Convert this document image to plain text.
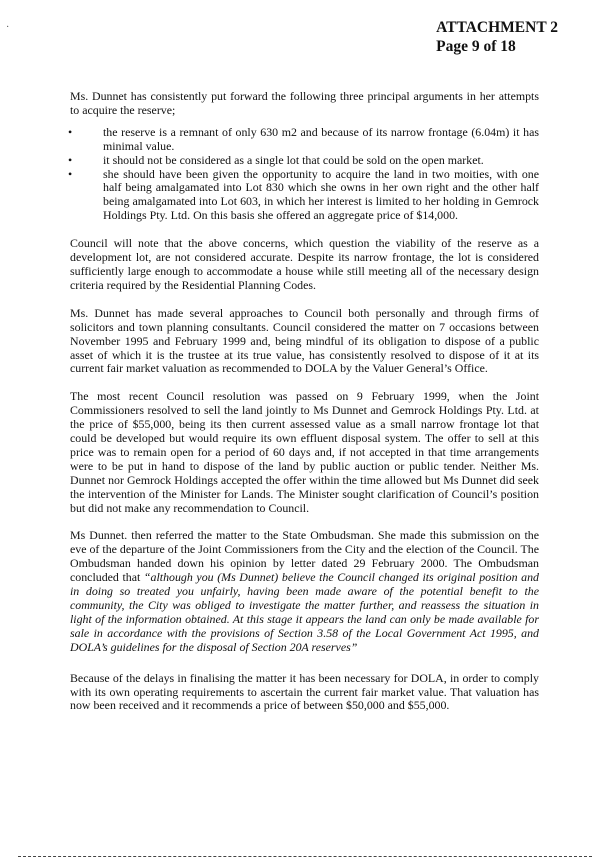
·	ATTACHMENT 2
Page 9 of 18

Ms. Dunnet has consistently put forward the following three principal arguments in her attempts to acquire the reserve;

•	the reserve is a remnant of only 630 m2 and because of its narrow frontage (6.04m) it has minimal value.
•	it should not be considered as a single lot that could be sold on the open market.
•	she should have been given the opportunity to acquire the land in two moities, with one half being amalgamated into Lot 830 which she owns in her own right and the other half being amalgamated into Lot 603, in which her interest is limited to her holding in Gemrock Holdings Pty. Ltd. On this basis she offered an aggregate price of $14,000.

Council will note that the above concerns, which question the viability of the reserve as a development lot, are not considered accurate. Despite its narrow frontage, the lot is considered sufficiently large enough to accommodate a house while still meeting all of the necessary design criteria required by the Residential Planning Codes.

Ms. Dunnet has made several approaches to Council both personally and through firms of solicitors and town planning consultants. Council considered the matter on 7 occasions between November 1995 and February 1999 and, being mindful of its obligation to dispose of a public asset of which it is the trustee at its true value, has consistently resolved to dispose of it at its current fair market valuation as recommended to DOLA by the Valuer General’s Office.

The most recent Council resolution was passed on 9 February 1999, when the Joint Commissioners resolved to sell the land jointly to Ms Dunnet and Gemrock Holdings Pty. Ltd. at the price of $55,000, being its then current assessed value as a small narrow frontage lot that could be developed but would require its own effluent disposal system. The offer to sell at this price was to remain open for a period of 60 days and, if not accepted in that time arrangements were to be put in hand to dispose of the land by public auction or public tender. Neither Ms. Dunnet nor Gemrock Holdings accepted the offer within the time allowed but Ms Dunnet did seek the intervention of the Minister for Lands. The Minister sought clarification of Council’s position but did not make any recommendation to Council.

Ms Dunnet. then referred the matter to the State Ombudsman. She made this submission on the eve of the departure of the Joint Commissioners from the City and the election of the Council. The Ombudsman handed down his opinion by letter dated 29 February 2000. The Ombudsman concluded that “although you (Ms Dunnet) believe the Council changed its original position and in doing so treated you unfairly, having been made aware of the potential benefit to the community, the City was obliged to investigate the matter further, and reassess the situation in light of the information obtained. At this stage it appears the land can only be made available for sale in accordance with the provisions of Section 3.58 of the Local Government Act 1995, and DOLA’s guidelines for the disposal of Section 20A reserves”

Because of the delays in finalising the matter it has been necessary for DOLA, in order to comply with its own operating requirements to ascertain the current fair market value. That valuation has now been received and it recommends a price of between $50,000 and $55,000.
